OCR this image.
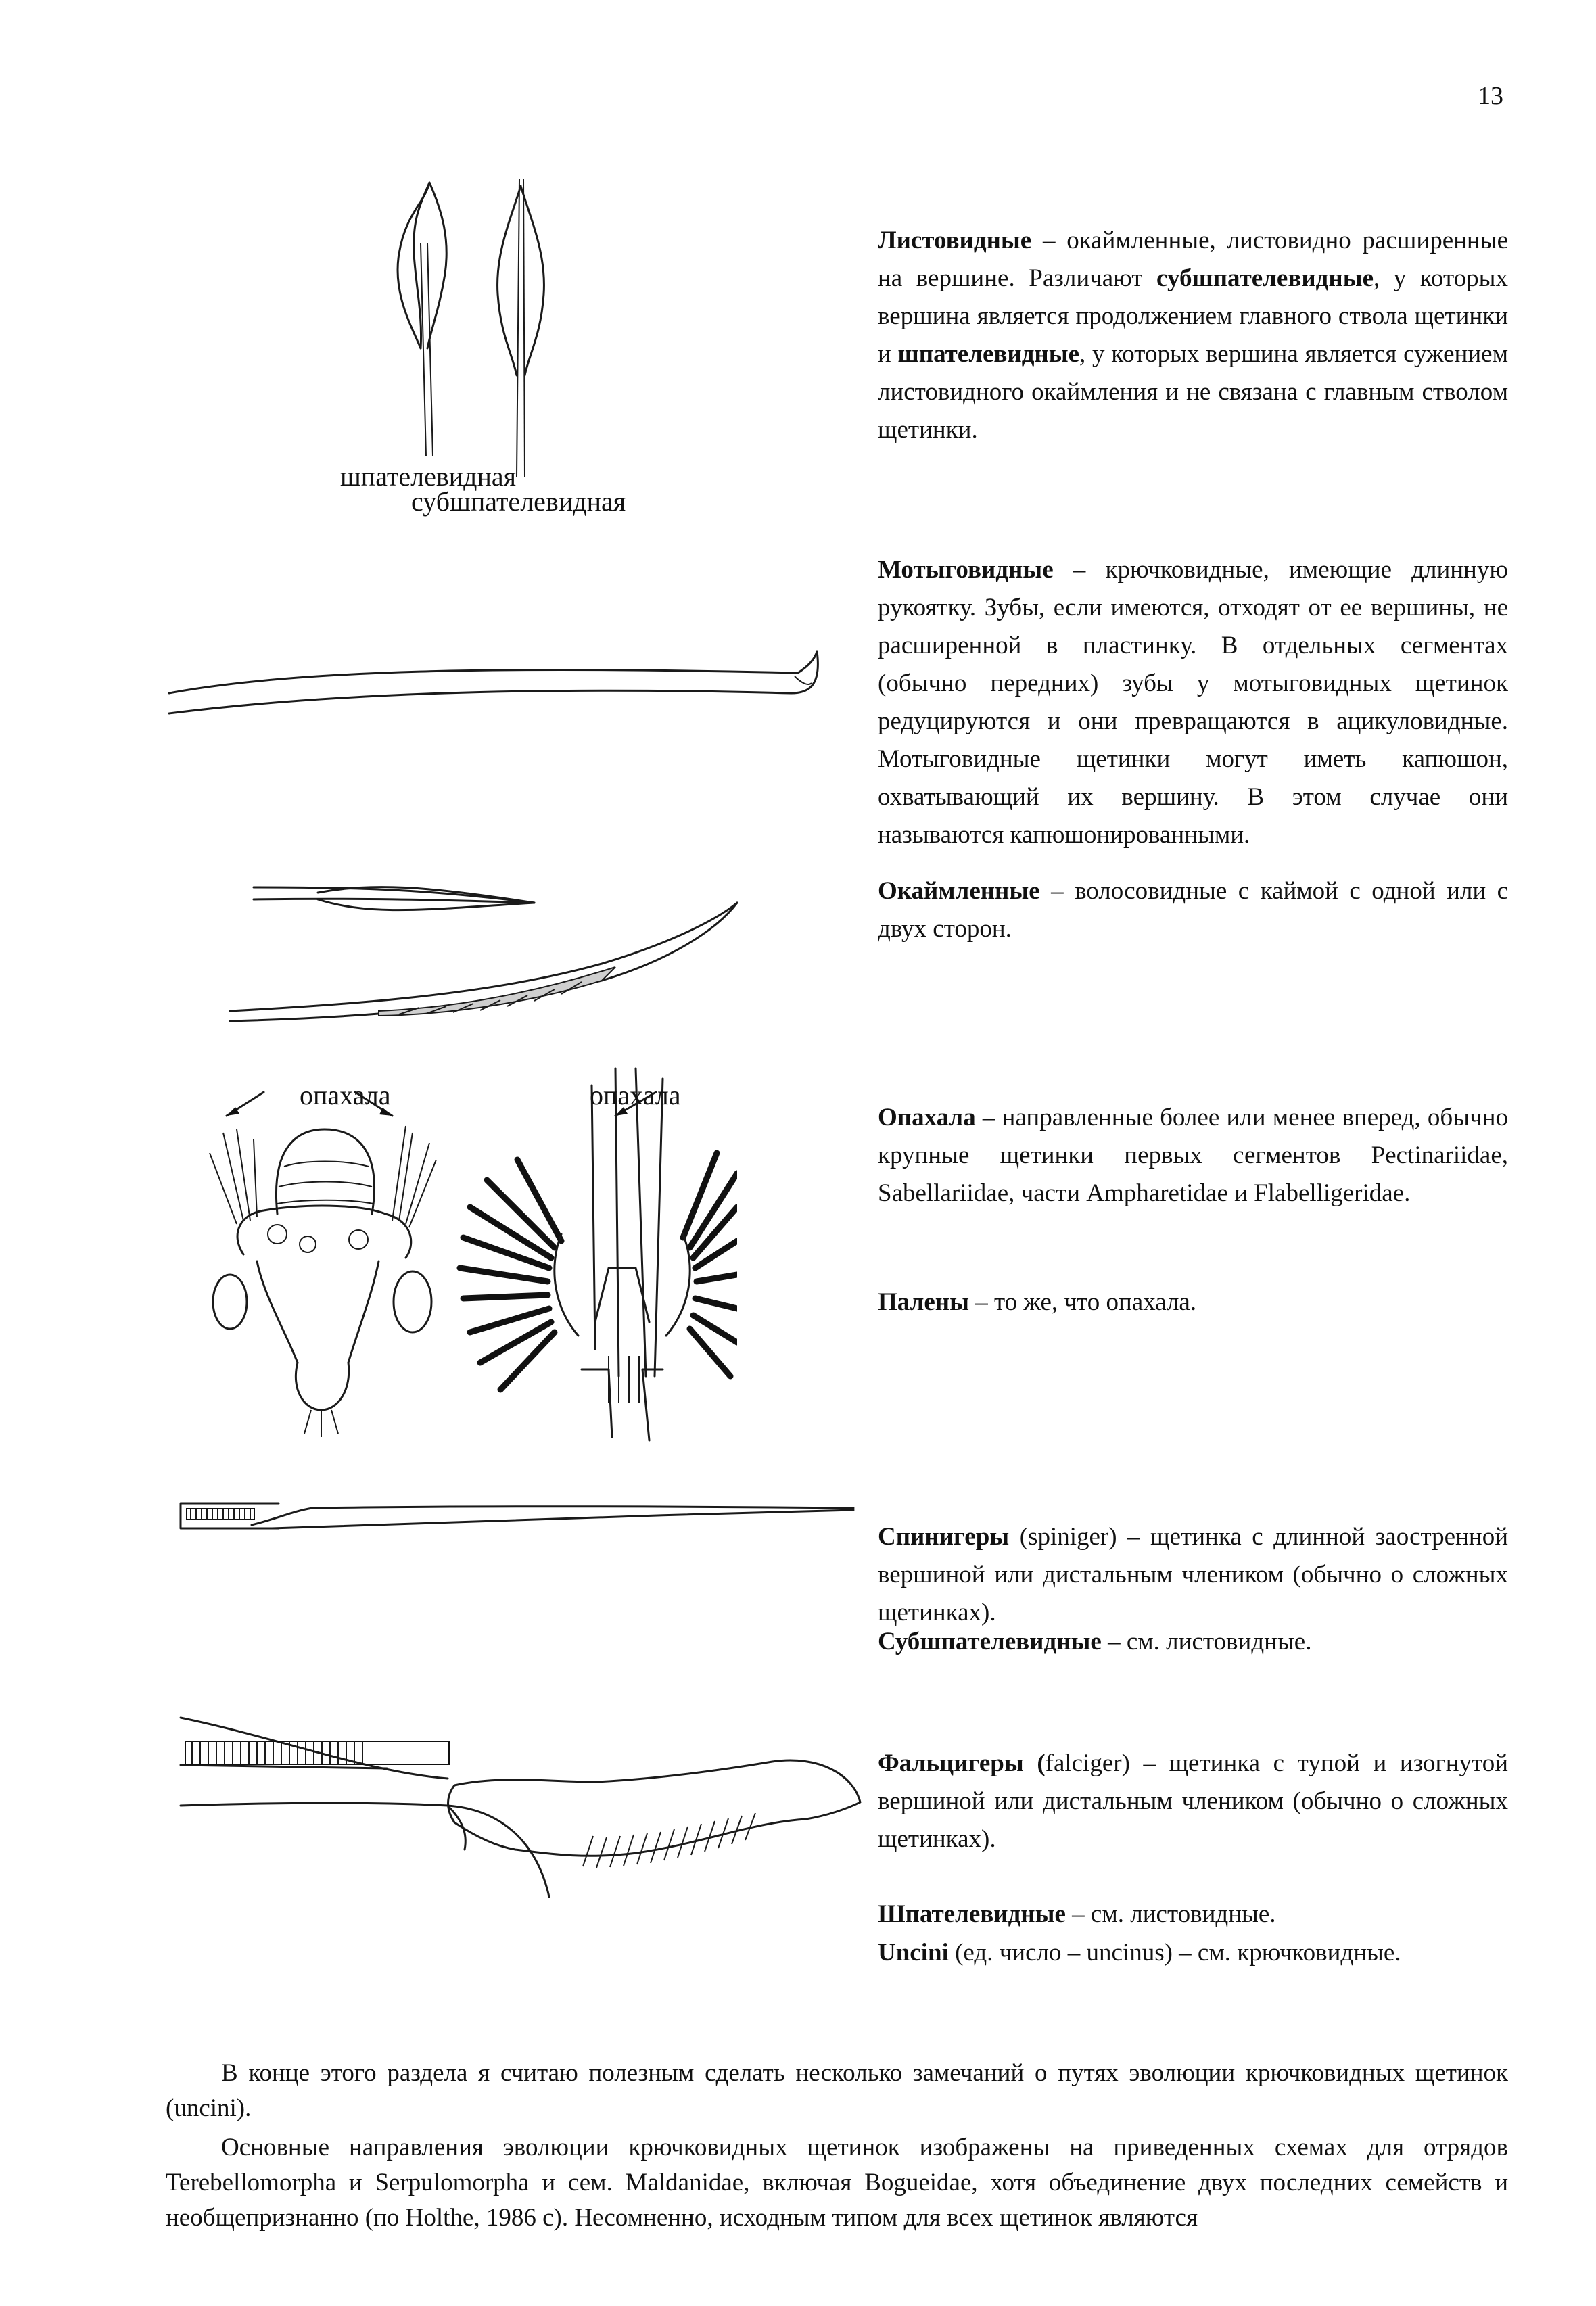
13
шпателевидная
субшпателевидная
опахала	опахала

Листовидные – окаймленные, листовидно расширенные на вершине. Различают субшпателевидные, у которых вершина является продолжением главного ствола щетинки и шпателевидные, у которых вершина является сужением листовидного окаймления и не связана с главным стволом щетинки.

Мотыговидные – крючковидные, имеющие длинную рукоятку. Зубы, если имеются, отходят от ее вершины, не расширенной в пластинку. В отдельных сегментах (обычно передних) зубы у мотыговидных щетинок редуцируются и они превращаются в ацикуловидные. Мотыговидные щетинки могут иметь капюшон, охватывающий их вершину. В этом случае они называются капюшонированными.

Окаймленные – волосовидные с каймой с одной или с двух сторон.

Опахала – направленные более или менее вперед, обычно крупные щетинки первых сегментов Pectinariidae, Sabellariidae, части Ampharetidae и Flabelligeridae.

Палены – то же, что опахала.

Спинигеры (spiniger) – щетинка с длинной заостренной вершиной или дистальным члеником (обычно о сложных щетинках).

Субшпателевидные – см. листовидные.

Фальцигеры (falciger) – щетинка с тупой и изогнутой вершиной или дистальным члеником (обычно о сложных щетинках).

Шпателевидные – см. листовидные.

Uncini (ед. число – uncinus) – см. крючковидные.

В конце этого раздела я считаю полезным сделать несколько замечаний о путях эволюции крючковидных щетинок (uncini).

Основные направления эволюции крючковидных щетинок изображены на приведенных схемах для отрядов Terebellomorpha и Serpulomorpha и сем. Maldanidae, включая Bogueidae, хотя объединение двух последних семейств и необщепризнанно (по Holthe, 1986 c). Несомненно, исходным типом для всех щетинок являются
